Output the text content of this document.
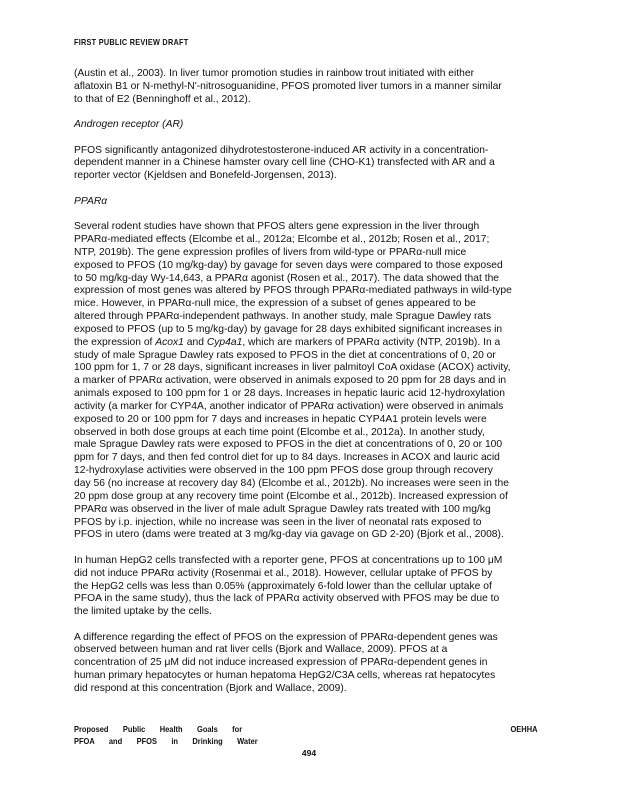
FIRST PUBLIC REVIEW DRAFT
(Austin et al., 2003). In liver tumor promotion studies in rainbow trout initiated with either
aflatoxin B1 or N-methyl-N'-nitrosoguanidine, PFOS promoted liver tumors in a manner similar
to that of E2 (Benninghoff et al., 2012).
Androgen receptor (AR)
PFOS significantly antagonized dihydrotestosterone-induced AR activity in a concentration-
dependent manner in a Chinese hamster ovary cell line (CHO-K1) transfected with AR and a
reporter vector (Kjeldsen and Bonefeld-Jorgensen, 2013).
PPARα
Several rodent studies have shown that PFOS alters gene expression in the liver through
PPARα-mediated effects (Elcombe et al., 2012a; Elcombe et al., 2012b; Rosen et al., 2017;
NTP, 2019b). The gene expression profiles of livers from wild-type or PPARα-null mice
exposed to PFOS (10 mg/kg-day) by gavage for seven days were compared to those exposed
to 50 mg/kg-day Wy-14,643, a PPARα agonist (Rosen et al., 2017). The data showed that the
expression of most genes was altered by PFOS through PPARα-mediated pathways in wild-type
mice. However, in PPARα-null mice, the expression of a subset of genes appeared to be
altered through PPARα-independent pathways. In another study, male Sprague Dawley rats
exposed to PFOS (up to 5 mg/kg-day) by gavage for 28 days exhibited significant increases in
the expression of Acox1 and Cyp4a1, which are markers of PPARα activity (NTP, 2019b). In a
study of male Sprague Dawley rats exposed to PFOS in the diet at concentrations of 0, 20 or
100 ppm for 1, 7 or 28 days, significant increases in liver palmitoyl CoA oxidase (ACOX) activity,
a marker of PPARα activation, were observed in animals exposed to 20 ppm for 28 days and in
animals exposed to 100 ppm for 1 or 28 days. Increases in hepatic lauric acid 12-hydroxylation
activity (a marker for CYP4A, another indicator of PPARα activation) were observed in animals
exposed to 20 or 100 ppm for 7 days and increases in hepatic CYP4A1 protein levels were
observed in both dose groups at each time point (Elcombe et al., 2012a). In another study,
male Sprague Dawley rats were exposed to PFOS in the diet at concentrations of 0, 20 or 100
ppm for 7 days, and then fed control diet for up to 84 days. Increases in ACOX and lauric acid
12-hydroxylase activities were observed in the 100 ppm PFOS dose group through recovery
day 56 (no increase at recovery day 84) (Elcombe et al., 2012b). No increases were seen in the
20 ppm dose group at any recovery time point (Elcombe et al., 2012b). Increased expression of
PPARα was observed in the liver of male adult Sprague Dawley rats treated with 100 mg/kg
PFOS by i.p. injection, while no increase was seen in the liver of neonatal rats exposed to
PFOS in utero (dams were treated at 3 mg/kg-day via gavage on GD 2-20) (Bjork et al., 2008).
In human HepG2 cells transfected with a reporter gene, PFOS at concentrations up to 100 μM
did not induce PPARα activity (Rosenmai et al., 2018). However, cellular uptake of PFOS by
the HepG2 cells was less than 0.05% (approximately 6-fold lower than the cellular uptake of
PFOA in the same study), thus the lack of PPARα activity observed with PFOS may be due to
the limited uptake by the cells.
A difference regarding the effect of PFOS on the expression of PPARα-dependent genes was
observed between human and rat liver cells (Bjork and Wallace, 2009). PFOS at a
concentration of 25 μM did not induce increased expression of PPARα-dependent genes in
human primary hepatocytes or human hepatoma HepG2/C3A cells, whereas rat hepatocytes
did respond at this concentration (Bjork and Wallace, 2009).
Proposed Public Health Goals for
PFOA and PFOS in Drinking Water
OEHHA
494
